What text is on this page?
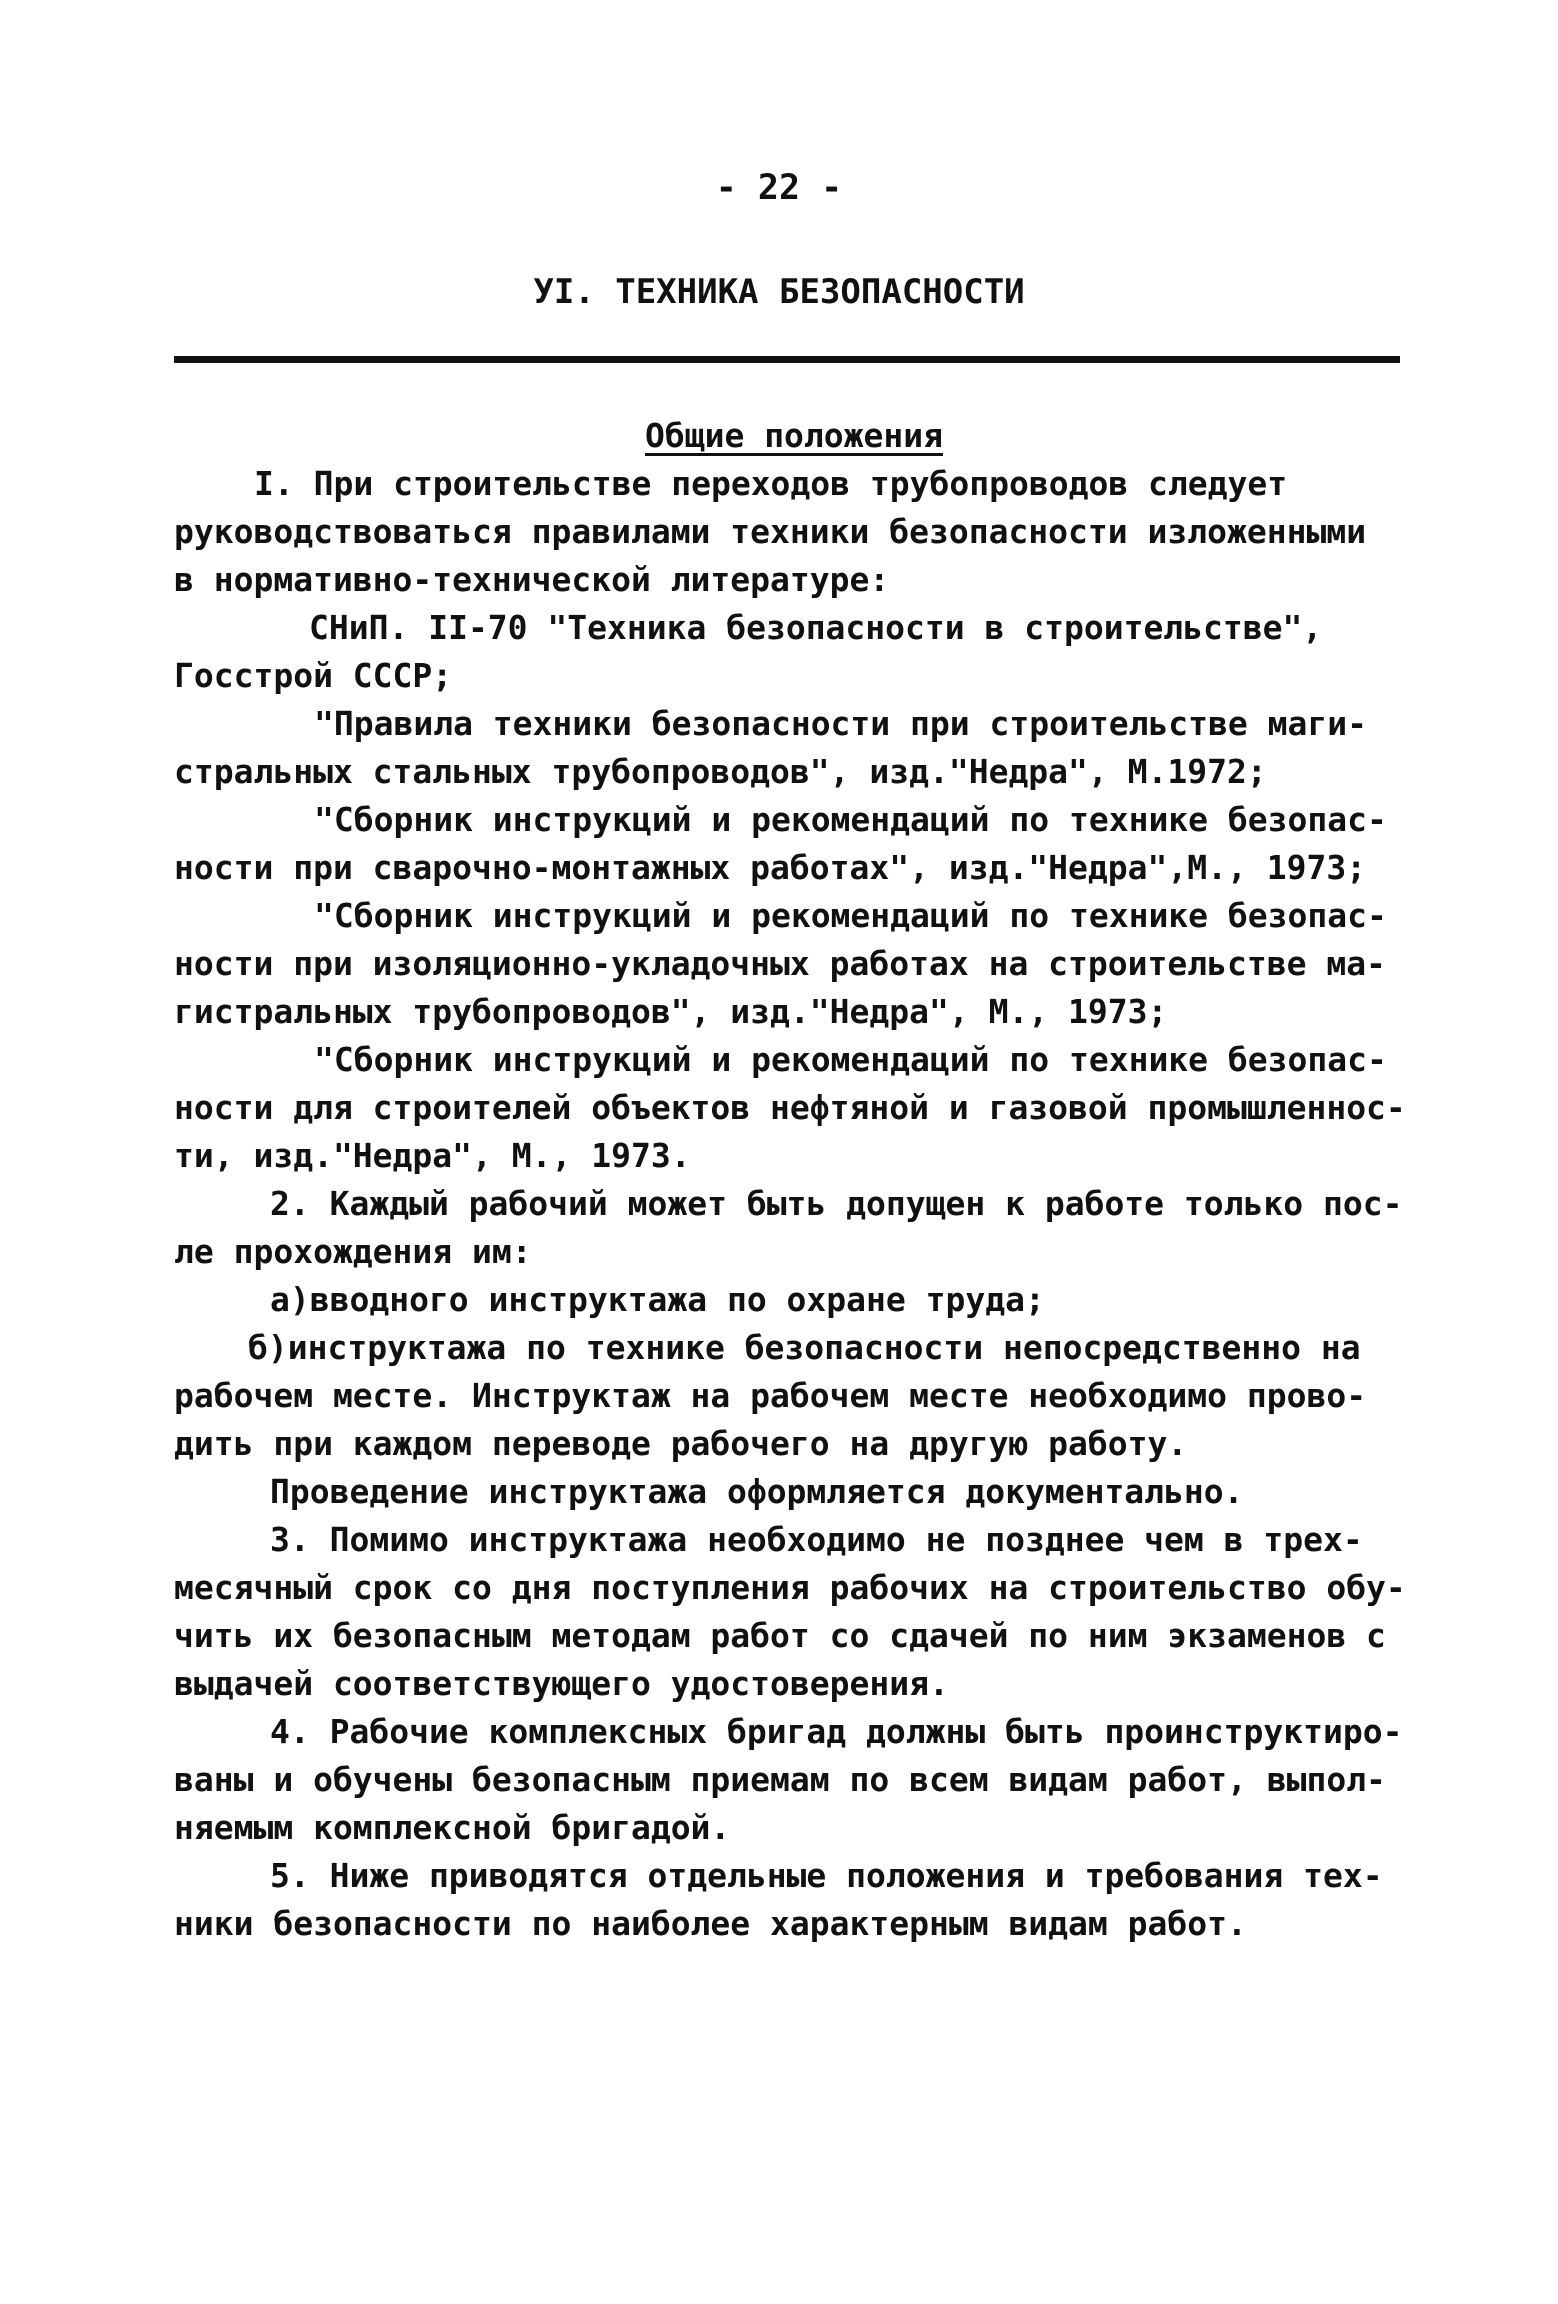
- 22 -
УI. ТЕХНИКА БЕЗОПАСНОСТИ
Общие положения
I. При строительстве переходов трубопроводов следует
руководствоваться правилами техники безопасности изложенными
в нормативно-технической литературе:
СНиП. II-70 "Техника безопасности в строительстве",
Госстрой СССР;
"Правила техники безопасности при строительстве маги-
стральных стальных трубопроводов", изд."Недра", М.1972;
"Сборник инструкций и рекомендаций по технике безопас-
ности при сварочно-монтажных работах", изд."Недра",М., 1973;
"Сборник инструкций и рекомендаций по технике безопас-
ности при изоляционно-укладочных работах на строительстве ма-
гистральных трубопроводов", изд."Недра", М., 1973;
"Сборник инструкций и рекомендаций по технике безопас-
ности для строителей объектов нефтяной и газовой промышленнос-
ти, изд."Недра", М., 1973.
2. Каждый рабочий может быть допущен к работе только пос-
ле прохождения им:
а)вводного инструктажа по охране труда;
б)инструктажа по технике безопасности непосредственно на
рабочем месте. Инструктаж на рабочем месте необходимо прово-
дить при каждом переводе рабочего на другую работу.
Проведение инструктажа оформляется документально.
3. Помимо инструктажа необходимо не позднее чем в трех-
месячный срок со дня поступления рабочих на строительство обу-
чить их безопасным методам работ со сдачей по ним экзаменов с
выдачей соответствующего удостоверения.
4. Рабочие комплексных бригад должны быть проинструктиро-
ваны и обучены безопасным приемам по всем видам работ, выпол-
няемым комплексной бригадой.
5. Ниже приводятся отдельные положения и требования тех-
ники безопасности по наиболее характерным видам работ.
